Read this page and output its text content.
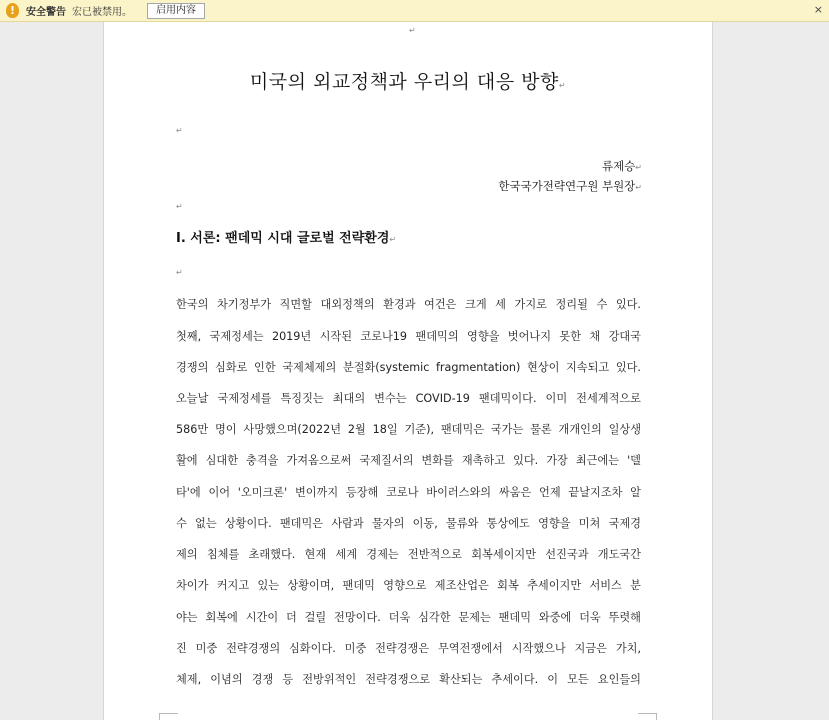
!	安全警告 宏已被禁用。	启用内容	×
↵
미국의 외교정책과 우리의 대응 방향↵
↵
류제승↵
한국국가전략연구원 부원장↵
↵
I. 서론: 팬데믹 시대 글로벌 전략환경↵
↵
한국의 차기정부가 직면할 대외정책의 환경과 여건은 크게 세 가지로 정리될 수 있다.
첫째, 국제정세는 2019년 시작된 코로나19 팬데믹의 영향을 벗어나지 못한 채 강대국
경쟁의 심화로 인한 국제체제의 분절화(systemic fragmentation) 현상이 지속되고 있다.
오늘날 국제정세를 특징짓는 최대의 변수는 COVID-19 팬데믹이다. 이미 전세계적으로
586만 명이 사망했으며(2022년 2월 18일 기준), 팬데믹은 국가는 물론 개개인의 일상생
활에 심대한 충격을 가져옴으로써 국제질서의 변화를 재촉하고 있다. 가장 최근에는 '델
타'에 이어 '오미크론' 변이까지 등장해 코로나 바이러스와의 싸움은 언제 끝날지조차 알
수 없는 상황이다. 팬데믹은 사람과 물자의 이동, 물류와 통상에도 영향을 미쳐 국제경
제의 침체를 초래했다. 현재 세계 경제는 전반적으로 회복세이지만 선진국과 개도국간
차이가 커지고 있는 상황이며, 팬데믹 영향으로 제조산업은 회복 추세이지만 서비스 분
야는 회복에 시간이 더 걸릴 전망이다. 더욱 심각한 문제는 팬데믹 와중에 더욱 뚜렷해
진 미중 전략경쟁의 심화이다. 미중 전략경쟁은 무역전쟁에서 시작했으나 지금은 가치,
체제, 이념의 경쟁 등 전방위적인 전략경쟁으로 확산되는 추세이다. 이 모든 요인들의
